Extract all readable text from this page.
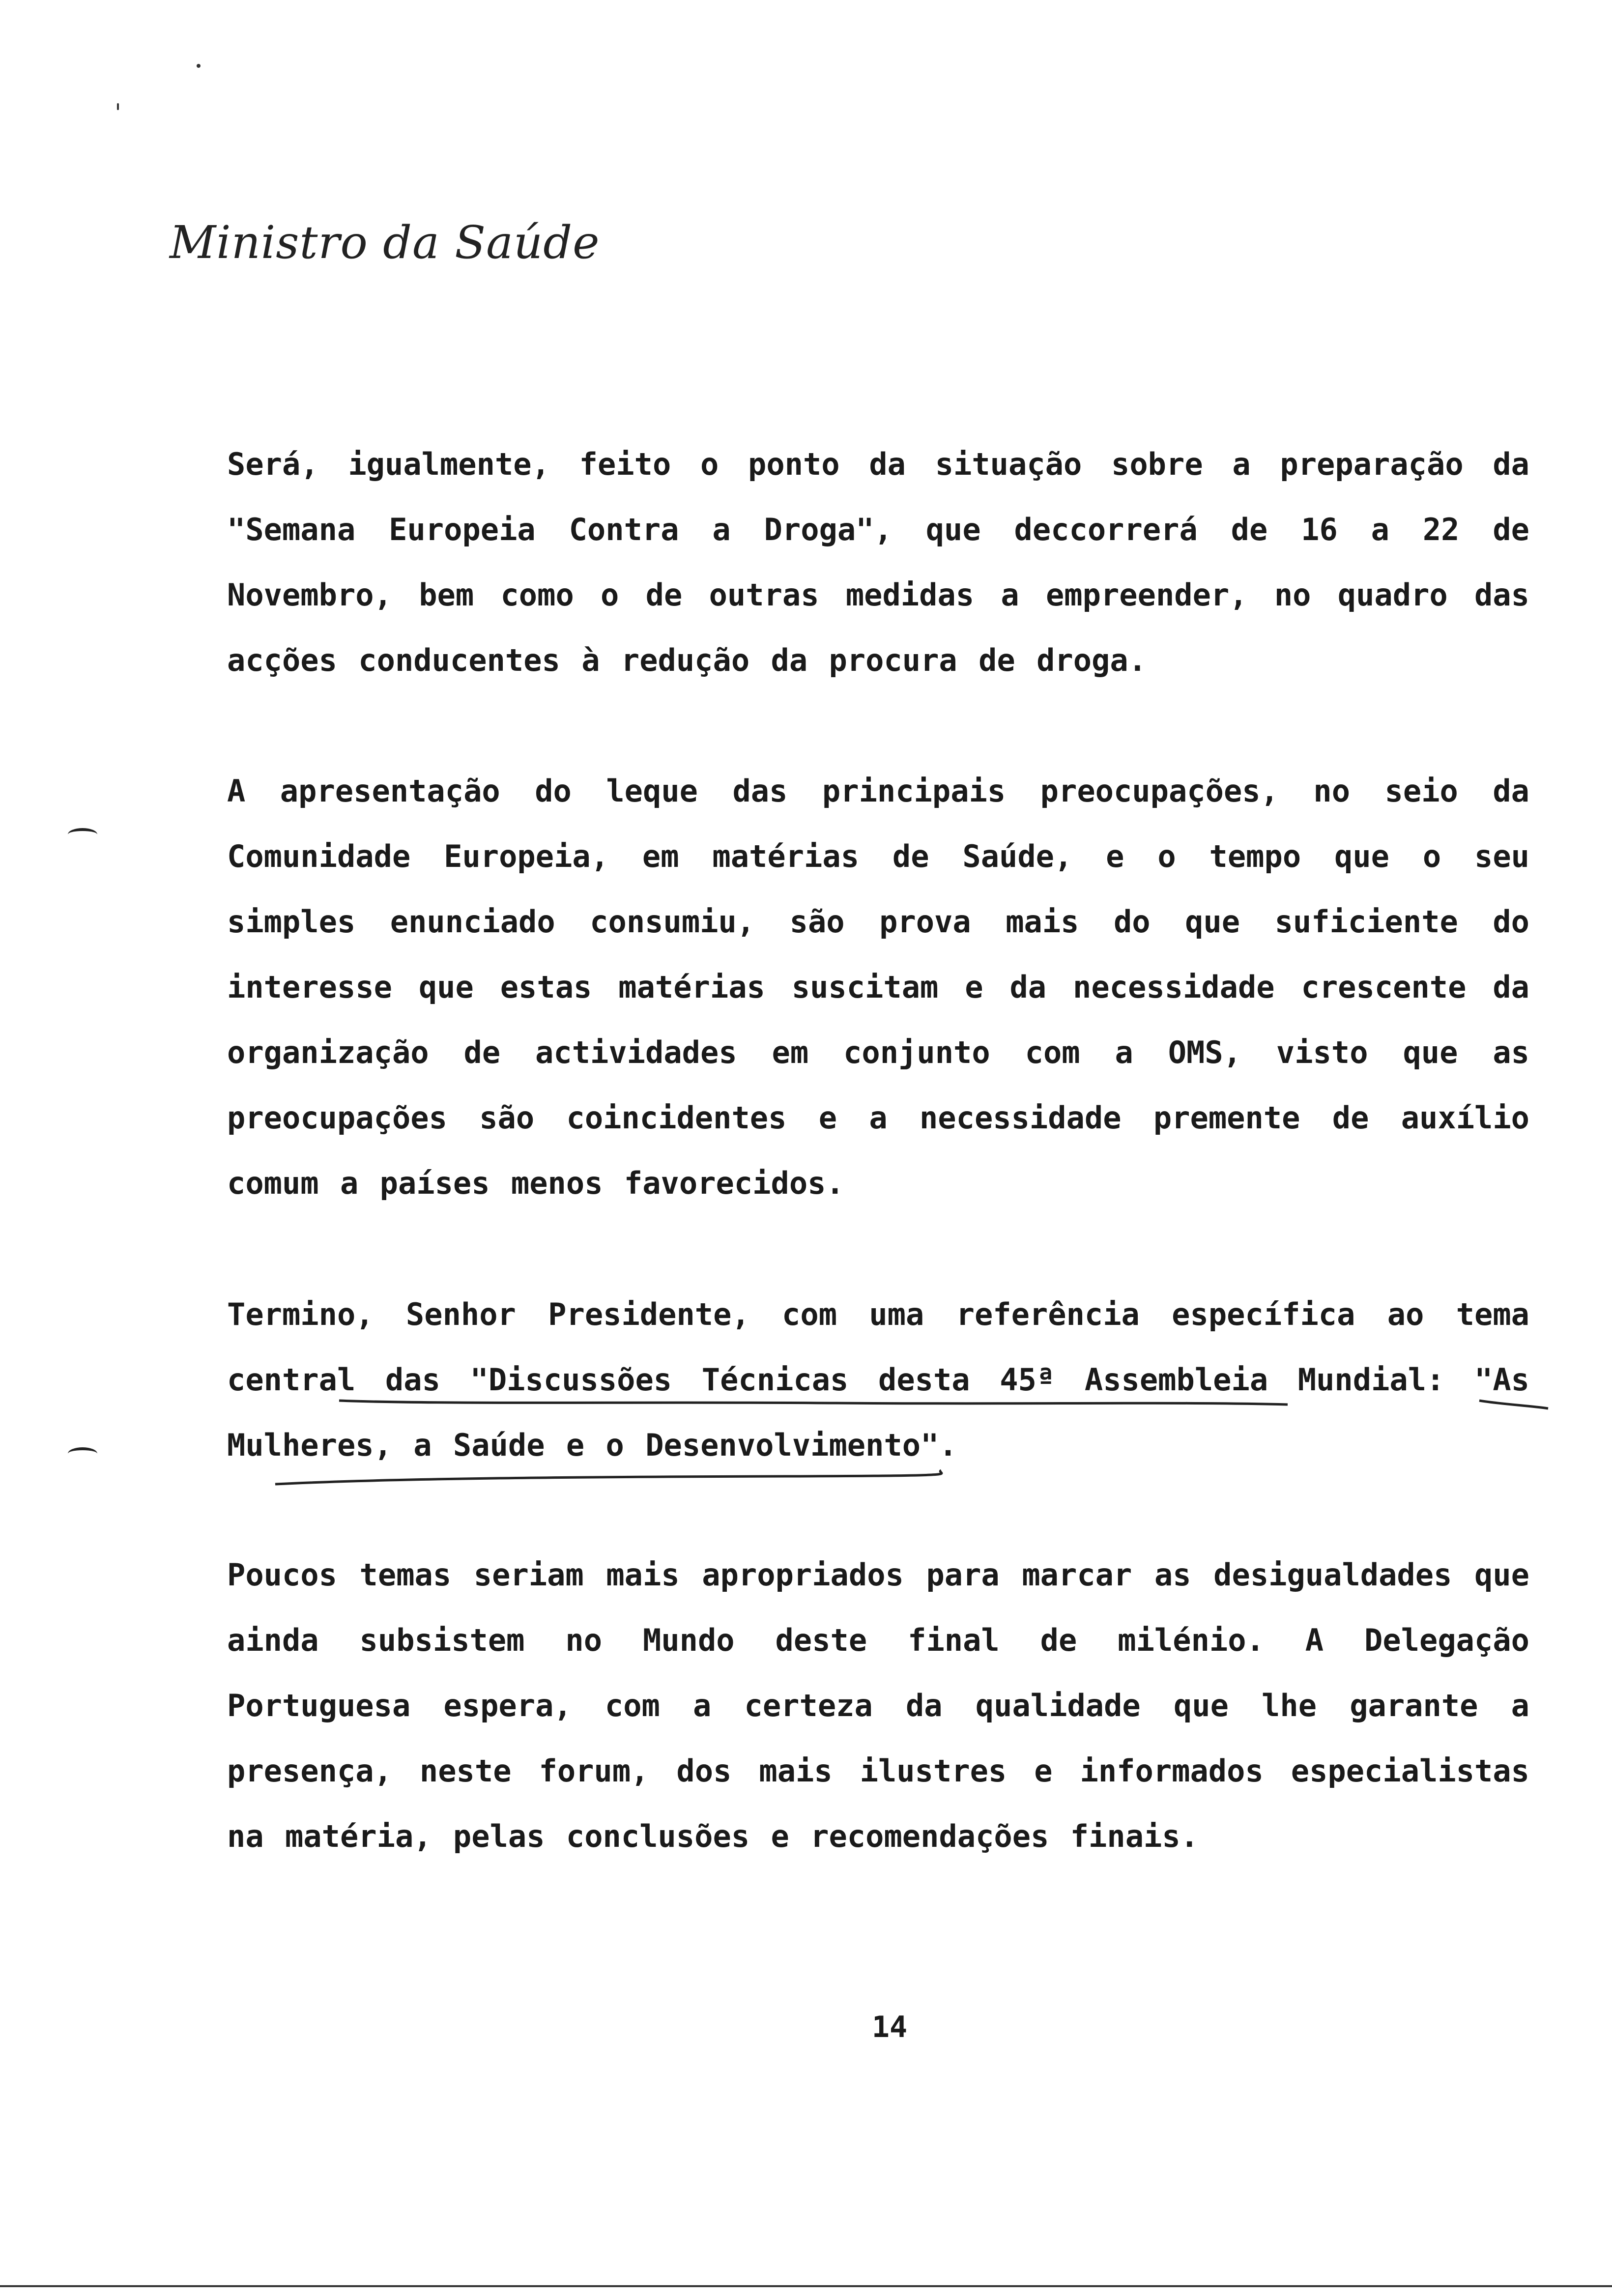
Ministro da Saúde

Será, igualmente, feito o ponto da situação sobre a preparação da "Semana Europeia Contra a Droga", que deccorrerá de 16 a 22 de Novembro, bem como o de outras medidas a empreender, no quadro das acções conducentes à redução da procura de droga.

A apresentação do leque das principais preocupações, no seio da Comunidade Europeia, em matérias de Saúde, e o tempo que o seu simples enunciado consumiu, são prova mais do que suficiente do interesse que estas matérias suscitam e da necessidade crescente da organização de actividades em conjunto com a OMS, visto que as preocupações são coincidentes e a necessidade premente de auxílio comum a países menos favorecidos.

Termino, Senhor Presidente, com uma referência específica ao tema central das "Discussões Técnicas desta 45ª Assembleia Mundial: "As Mulheres, a Saúde e o Desenvolvimento".

Poucos temas seriam mais apropriados para marcar as desigualdades que ainda subsistem no Mundo deste final de milénio. A Delegação Portuguesa espera, com a certeza da qualidade que lhe garante a presença, neste forum, dos mais ilustres e informados especialistas na matéria, pelas conclusões e recomendações finais.

14
